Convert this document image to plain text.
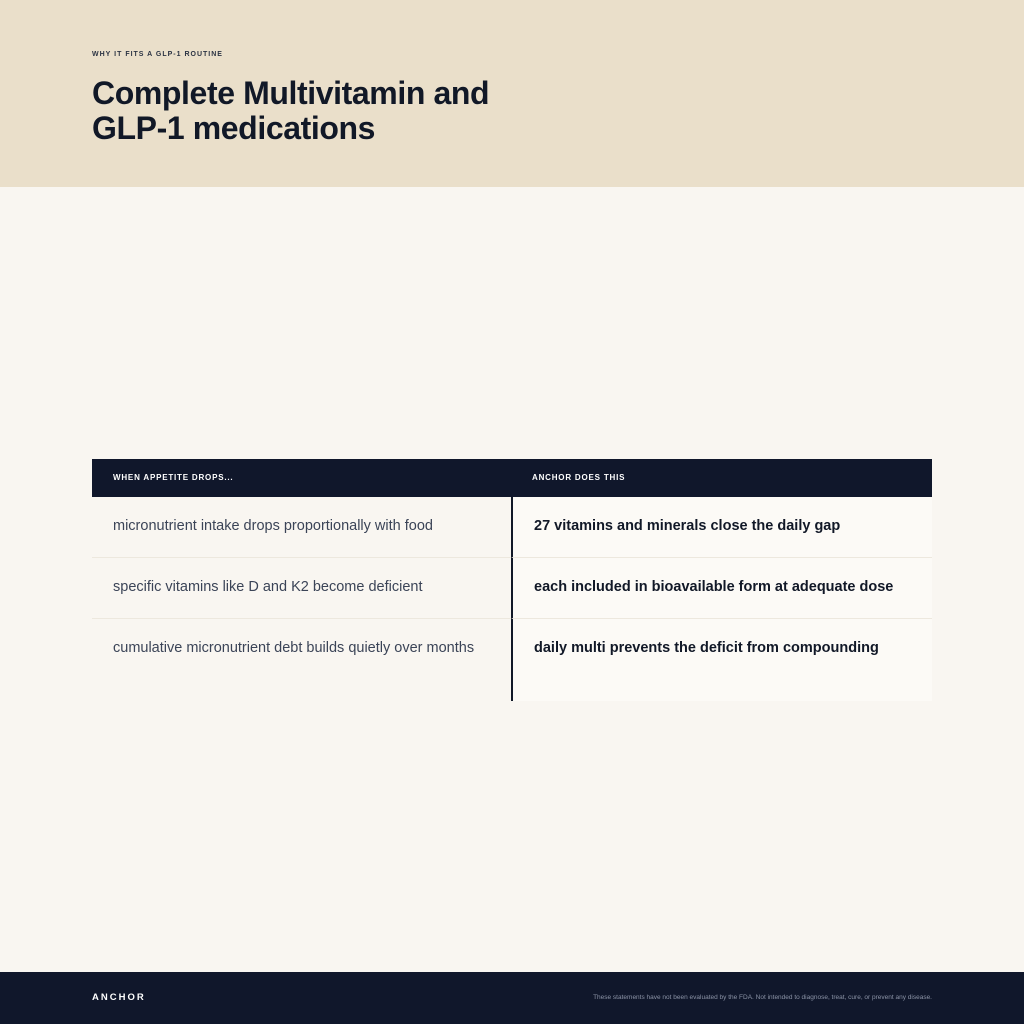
WHY IT FITS A GLP-1 ROUTINE
Complete Multivitamin and GLP-1 medications
WHEN APPETITE DROPS...	ANCHOR DOES THIS
micronutrient intake drops proportionally with food	27 vitamins and minerals close the daily gap
specific vitamins like D and K2 become deficient	each included in bioavailable form at adequate dose
cumulative micronutrient debt builds quietly over months	daily multi prevents the deficit from compounding
ANCHOR	These statements have not been evaluated by the FDA. Not intended to diagnose, treat, cure, or prevent any disease.
